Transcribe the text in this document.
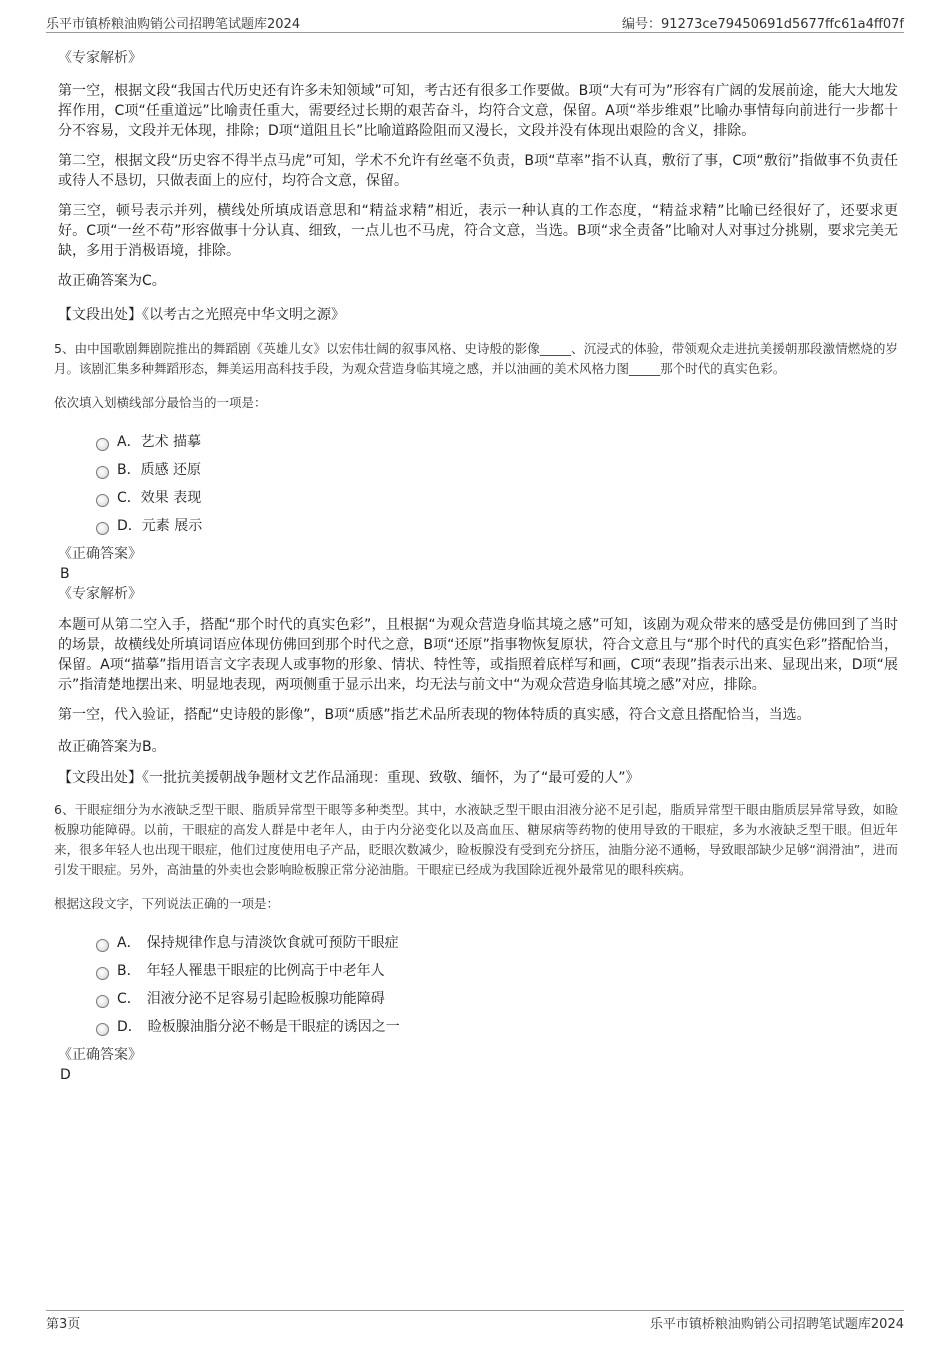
乐平市镇桥粮油购销公司招聘笔试题库2024	编号：91273ce79450691d5677ffc61a4ff07f
《专家解析》
第一空，根据文段“我国古代历史还有许多未知领域”可知，考古还有很多工作要做。B项“大有可为”形容有广阔的发展前途，能大大地发挥作用，C项“任重道远”比喻责任重大，需要经过长期的艰苦奋斗，均符合文意，保留。A项“举步维艰”比喻办事情每向前进行一步都十分不容易，文段并无体现，排除；D项“道阻且长”比喻道路险阻而又漫长，文段并没有体现出艰险的含义，排除。
第二空，根据文段“历史容不得半点马虎”可知，学术不允许有丝毫不负责，B项“草率”指不认真，敷衍了事，C项“敷衍”指做事不负责任或待人不恳切，只做表面上的应付，均符合文意，保留。
第三空，顿号表示并列，横线处所填成语意思和“精益求精”相近，表示一种认真的工作态度，“精益求精”比喻已经很好了，还要求更好。C项“一丝不苟”形容做事十分认真、细致，一点儿也不马虎，符合文意，当选。B项“求全责备”比喻对人对事过分挑剔，要求完美无缺，多用于消极语境，排除。
故正确答案为C。
【文段出处】《以考古之光照亮中华文明之源》
5、由中国歌剧舞剧院推出的舞蹈剧《英雄儿女》以宏伟壮阔的叙事风格、史诗般的影像_____、沉浸式的体验，带领观众走进抗美援朝那段激情燃烧的岁月。该剧汇集多种舞蹈形态，舞美运用高科技手段，为观众营造身临其境之感，并以油画的美术风格力图_____那个时代的真实色彩。
依次填入划横线部分最恰当的一项是：
A． 艺术 描摹
B． 质感 还原
C． 效果 表现
D． 元素 展示
《正确答案》
B
《专家解析》
本题可从第二空入手，搭配“那个时代的真实色彩”，且根据“为观众营造身临其境之感”可知，该剧为观众带来的感受是仿佛回到了当时的场景，故横线处所填词语应体现仿佛回到那个时代之意，B项“还原”指事物恢复原状，符合文意且与“那个时代的真实色彩”搭配恰当，保留。A项“描摹”指用语言文字表现人或事物的形象、情状、特性等，或指照着底样写和画，C项“表现”指表示出来、显现出来，D项“展示”指清楚地摆出来、明显地表现，两项侧重于显示出来，均无法与前文中“为观众营造身临其境之感”对应，排除。
第一空，代入验证，搭配“史诗般的影像”，B项“质感”指艺术品所表现的物体特质的真实感，符合文意且搭配恰当，当选。
故正确答案为B。
【文段出处】《一批抗美援朝战争题材文艺作品涌现：重现、致敬、缅怀，为了“最可爱的人”》
6、干眼症细分为水液缺乏型干眼、脂质异常型干眼等多种类型。其中，水液缺乏型干眼由泪液分泌不足引起，脂质异常型干眼由脂质层异常导致，如睑板腺功能障碍。以前，干眼症的高发人群是中老年人，由于内分泌变化以及高血压、糖尿病等药物的使用导致的干眼症，多为水液缺乏型干眼。但近年来，很多年轻人也出现干眼症，他们过度使用电子产品，眨眼次数减少，睑板腺没有受到充分挤压，油脂分泌不通畅，导致眼部缺少足够“润滑油”，进而引发干眼症。另外，高油量的外卖也会影响睑板腺正常分泌油脂。干眼症已经成为我国除近视外最常见的眼科疾病。
根据这段文字，下列说法正确的一项是：
A． 保持规律作息与清淡饮食就可预防干眼症
B． 年轻人罹患干眼症的比例高于中老年人
C． 泪液分泌不足容易引起睑板腺功能障碍
D． 睑板腺油脂分泌不畅是干眼症的诱因之一
《正确答案》
D
第3页	乐平市镇桥粮油购销公司招聘笔试题库2024
